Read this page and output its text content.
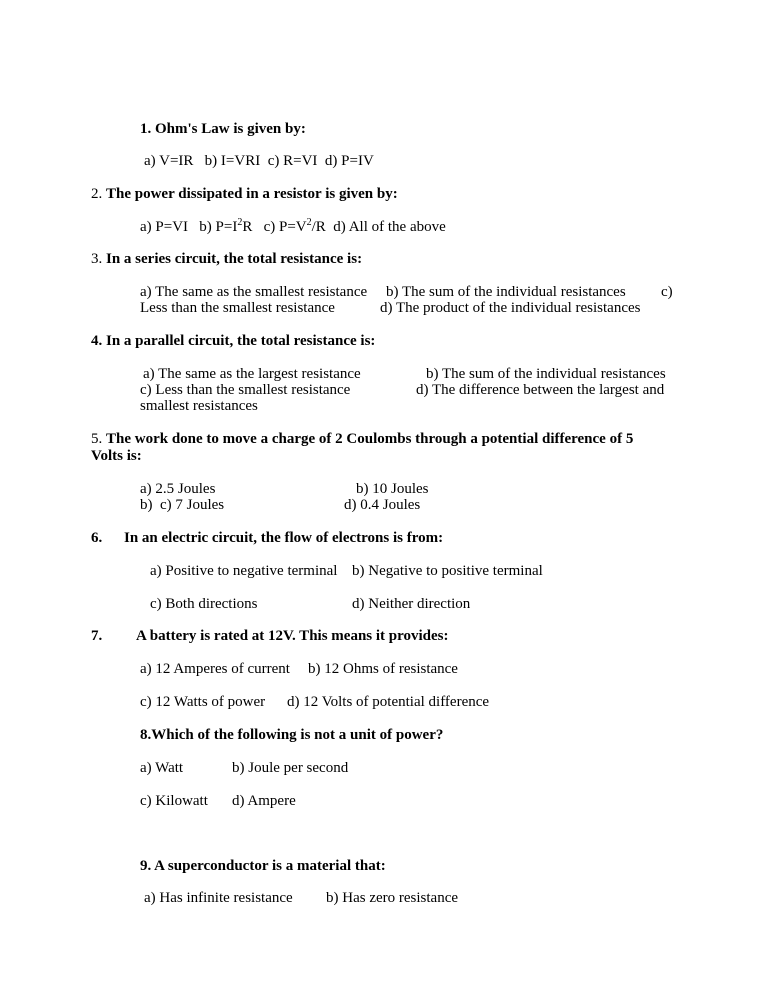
1. Ohm's Law is given by:
a) V=IR   b) I=VRI  c) R=VI  d) P=IV
2. The power dissipated in a resistor is given by:
a) P=VI   b) $P=I^2R$   c) $P=V^2/R$  d) All of the above
3. In a series circuit, the total resistance is:
a) The same as the smallest resistance b) The sum of the individual resistances c)
Less than the smallest resistance	d) The product of the individual resistances
4. In a parallel circuit, the total resistance is:
a) The same as the largest resistance	b) The sum of the individual resistances
c) Less than the smallest resistance	d) The difference between the largest and
smallest resistances
5. The work done to move a charge of 2 Coulombs through a potential difference of 5
Volts is:
a) 2.5 Joules	b) 10 Joules
b)  c) 7 Joules	d) 0.4 Joules
6. In an electric circuit, the flow of electrons is from:
a) Positive to negative terminal b) Negative to positive terminal
c) Both directions	d) Neither direction
7. A battery is rated at 12V. This means it provides:
a) 12 Amperes of current b) 12 Ohms of resistance
c) 12 Watts of power d) 12 Volts of potential difference
8.Which of the following is not a unit of power?
a) Watt	b) Joule per second
c) Kilowatt d) Ampere
9. A superconductor is a material that:
a) Has infinite resistance b) Has zero resistance
